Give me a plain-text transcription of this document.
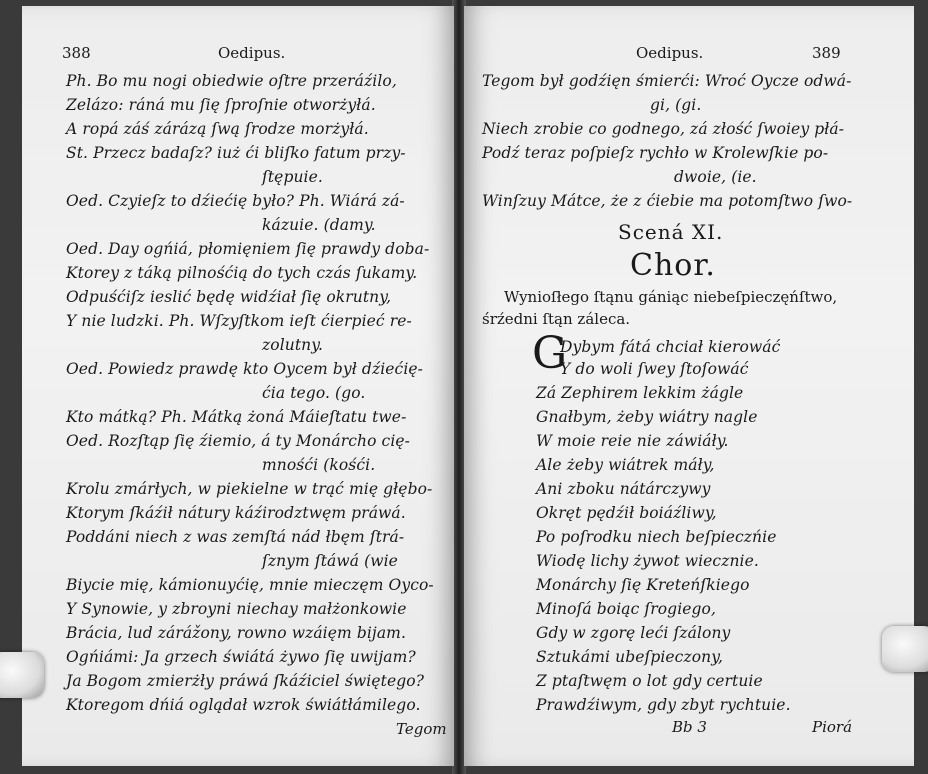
388	Oedipus.
Ph. Bo mu nogi obiedwie oſtre przeráźilo,
Zelázo: ráná mu ſię ſproſnie otworżyłá.
A ropá záś zárázą ſwą ſrodze morżyłá.
St. Przecz badaſz? iuż ći bliſko fatum przy-
ſtępuie.
Oed. Czyieſz to dźiećię było? Ph. Wiárá zá-
kázuie. (damy.
Oed. Day ogńiá, płomięniem ſię prawdy doba-
Ktorey z táką pilnośćią do tych czás ſukamy.
Odpuśćiſz ieslić będę widźiał ſię okrutny,
Y nie ludzki. Ph. Wſzyſtkom ieſt ćierpieć re-
zolutny.
Oed. Powiedz prawdę kto Oycem był dźiećię-
ćia tego. (go.
Kto mátką? Ph. Mátką żoná Máieſtatu twe-
Oed. Rozſtąp ſię źiemio, á ty Monárcho cię-
mnośći (kośći.
Krolu zmárłych, w piekielne w trąć mię głębo-
Ktorym ſkáźił nátury káźirodztwęm práwá.
Poddáni niech z was zemſtá nád łbęm ſtrá-
ſznym ſtáwá (wie
Biycie mię, kámionuyćię, mnie mieczęm Oyco-
Y Synowie, y zbroyni niechay małżonkowie
Brácia, lud zárážony, rowno wzáięm bijam.
Ogńiámi: Ja grzech świátá żywo ſię uwijam?
Ja Bogom zmierżły práwá ſkáźiciel świętego?
Ktoregom dńiá oglądał wzrok świátłámilego.
Tegom
Oedipus.	389
Tegom był godźięn śmierći: Wroć Oycze odwá-
gi, (gi.
Niech zrobie co godnego, zá złość ſwoiey płá-
Podź teraz poſpieſz rychło w Krolewſkie po-
dwoie, (ie.
Winſzuy Mátce, że z ćiebie ma potomſtwo ſwo-
Scená XI.
Chor.
Wynioſłego ſtąnu gániąc niebeſpieczęńſtwo,
śrźedni ſtąn záleca.
G
Dybym fátá chciał kierowáć
Y do woli ſwey ſtoſowáć
Zá Zephirem lekkim żágle
Gnałbym, żeby wiátry nagle
W moie reie nie záwiáły.
Ale żeby wiátrek máły,
Ani zboku nátárczywy
Okręt pędźił boiáźliwy,
Po poſrodku niech beſpieczńie
Wiodę lichy żywot wiecznie.
Monárchy ſię Kreteńſkiego
Minoſá boiąc ſrogiego,
Gdy w zgorę leći ſzálony
Sztukámi ubeſpieczony,
Z ptaſtwęm o lot gdy certuie
Prawdźiwym, gdy zbyt rychtuie.
Bb 3	Piorá
